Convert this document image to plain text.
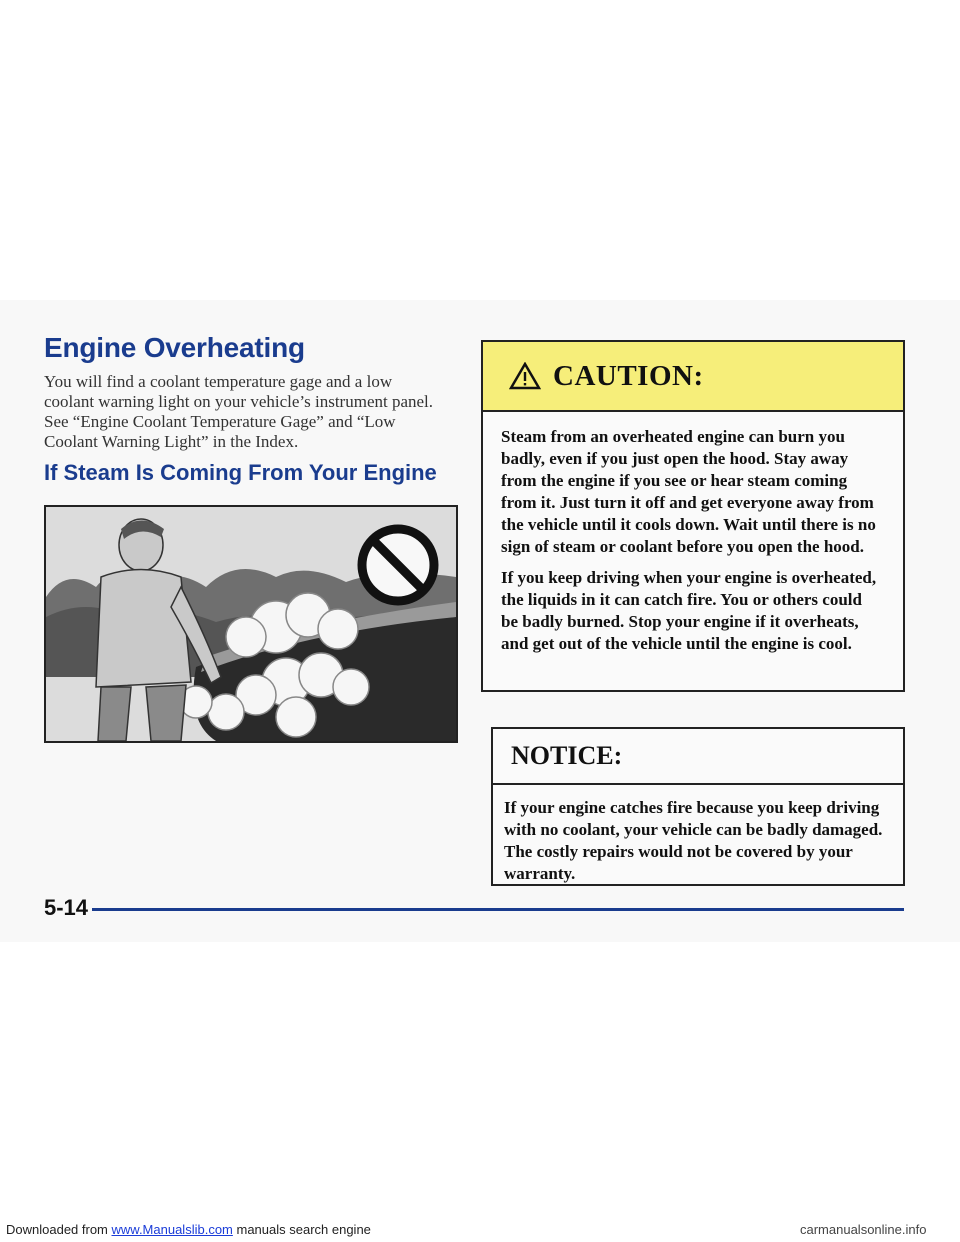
Engine Overheating

You will find a coolant temperature gage and a low coolant warning light on your vehicle’s instrument panel. See “Engine Coolant Temperature Gage” and “Low Coolant Warning Light” in the Index.

If Steam Is Coming From Your Engine
CAUTION:

Steam from an overheated engine can burn you badly, even if you just open the hood. Stay away from the engine if you see or hear steam coming from it. Just turn it off and get everyone away from the vehicle until it cools down. Wait until there is no sign of steam or coolant before you open the hood.

If you keep driving when your engine is overheated, the liquids in it can catch fire. You or others could be badly burned. Stop your engine if it overheats, and get out of the vehicle until the engine is cool.

NOTICE:

If your engine catches fire because you keep driving with no coolant, your vehicle can be badly damaged. The costly repairs would not be covered by your warranty.

5-14
Downloaded from www.Manualslib.com manuals search engine	carmanualsonline.info
